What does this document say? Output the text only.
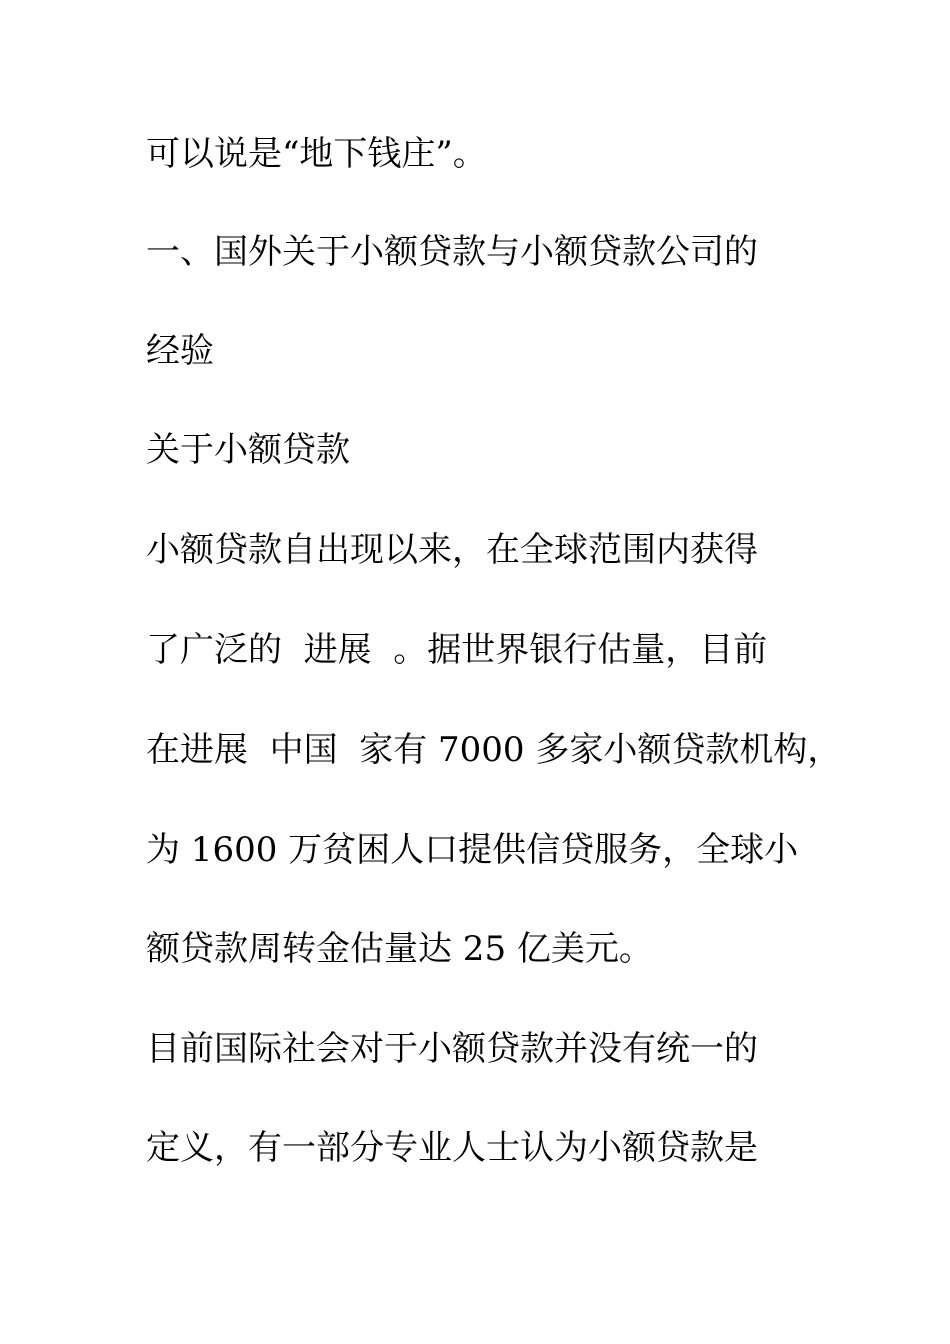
可以说是“地下钱庄”。
一、国外关于小额贷款与小额贷款公司的
经验
关于小额贷款
小额贷款自出现以来，在全球范围内获得
了广泛的  进展  。据世界银行估量，目前
在进展  中国  家有 7000 多家小额贷款机构，
为 1600 万贫困人口提供信贷服务，全球小
额贷款周转金估量达 25 亿美元。
目前国际社会对于小额贷款并没有统一的
定义，有一部分专业人士认为小额贷款是
